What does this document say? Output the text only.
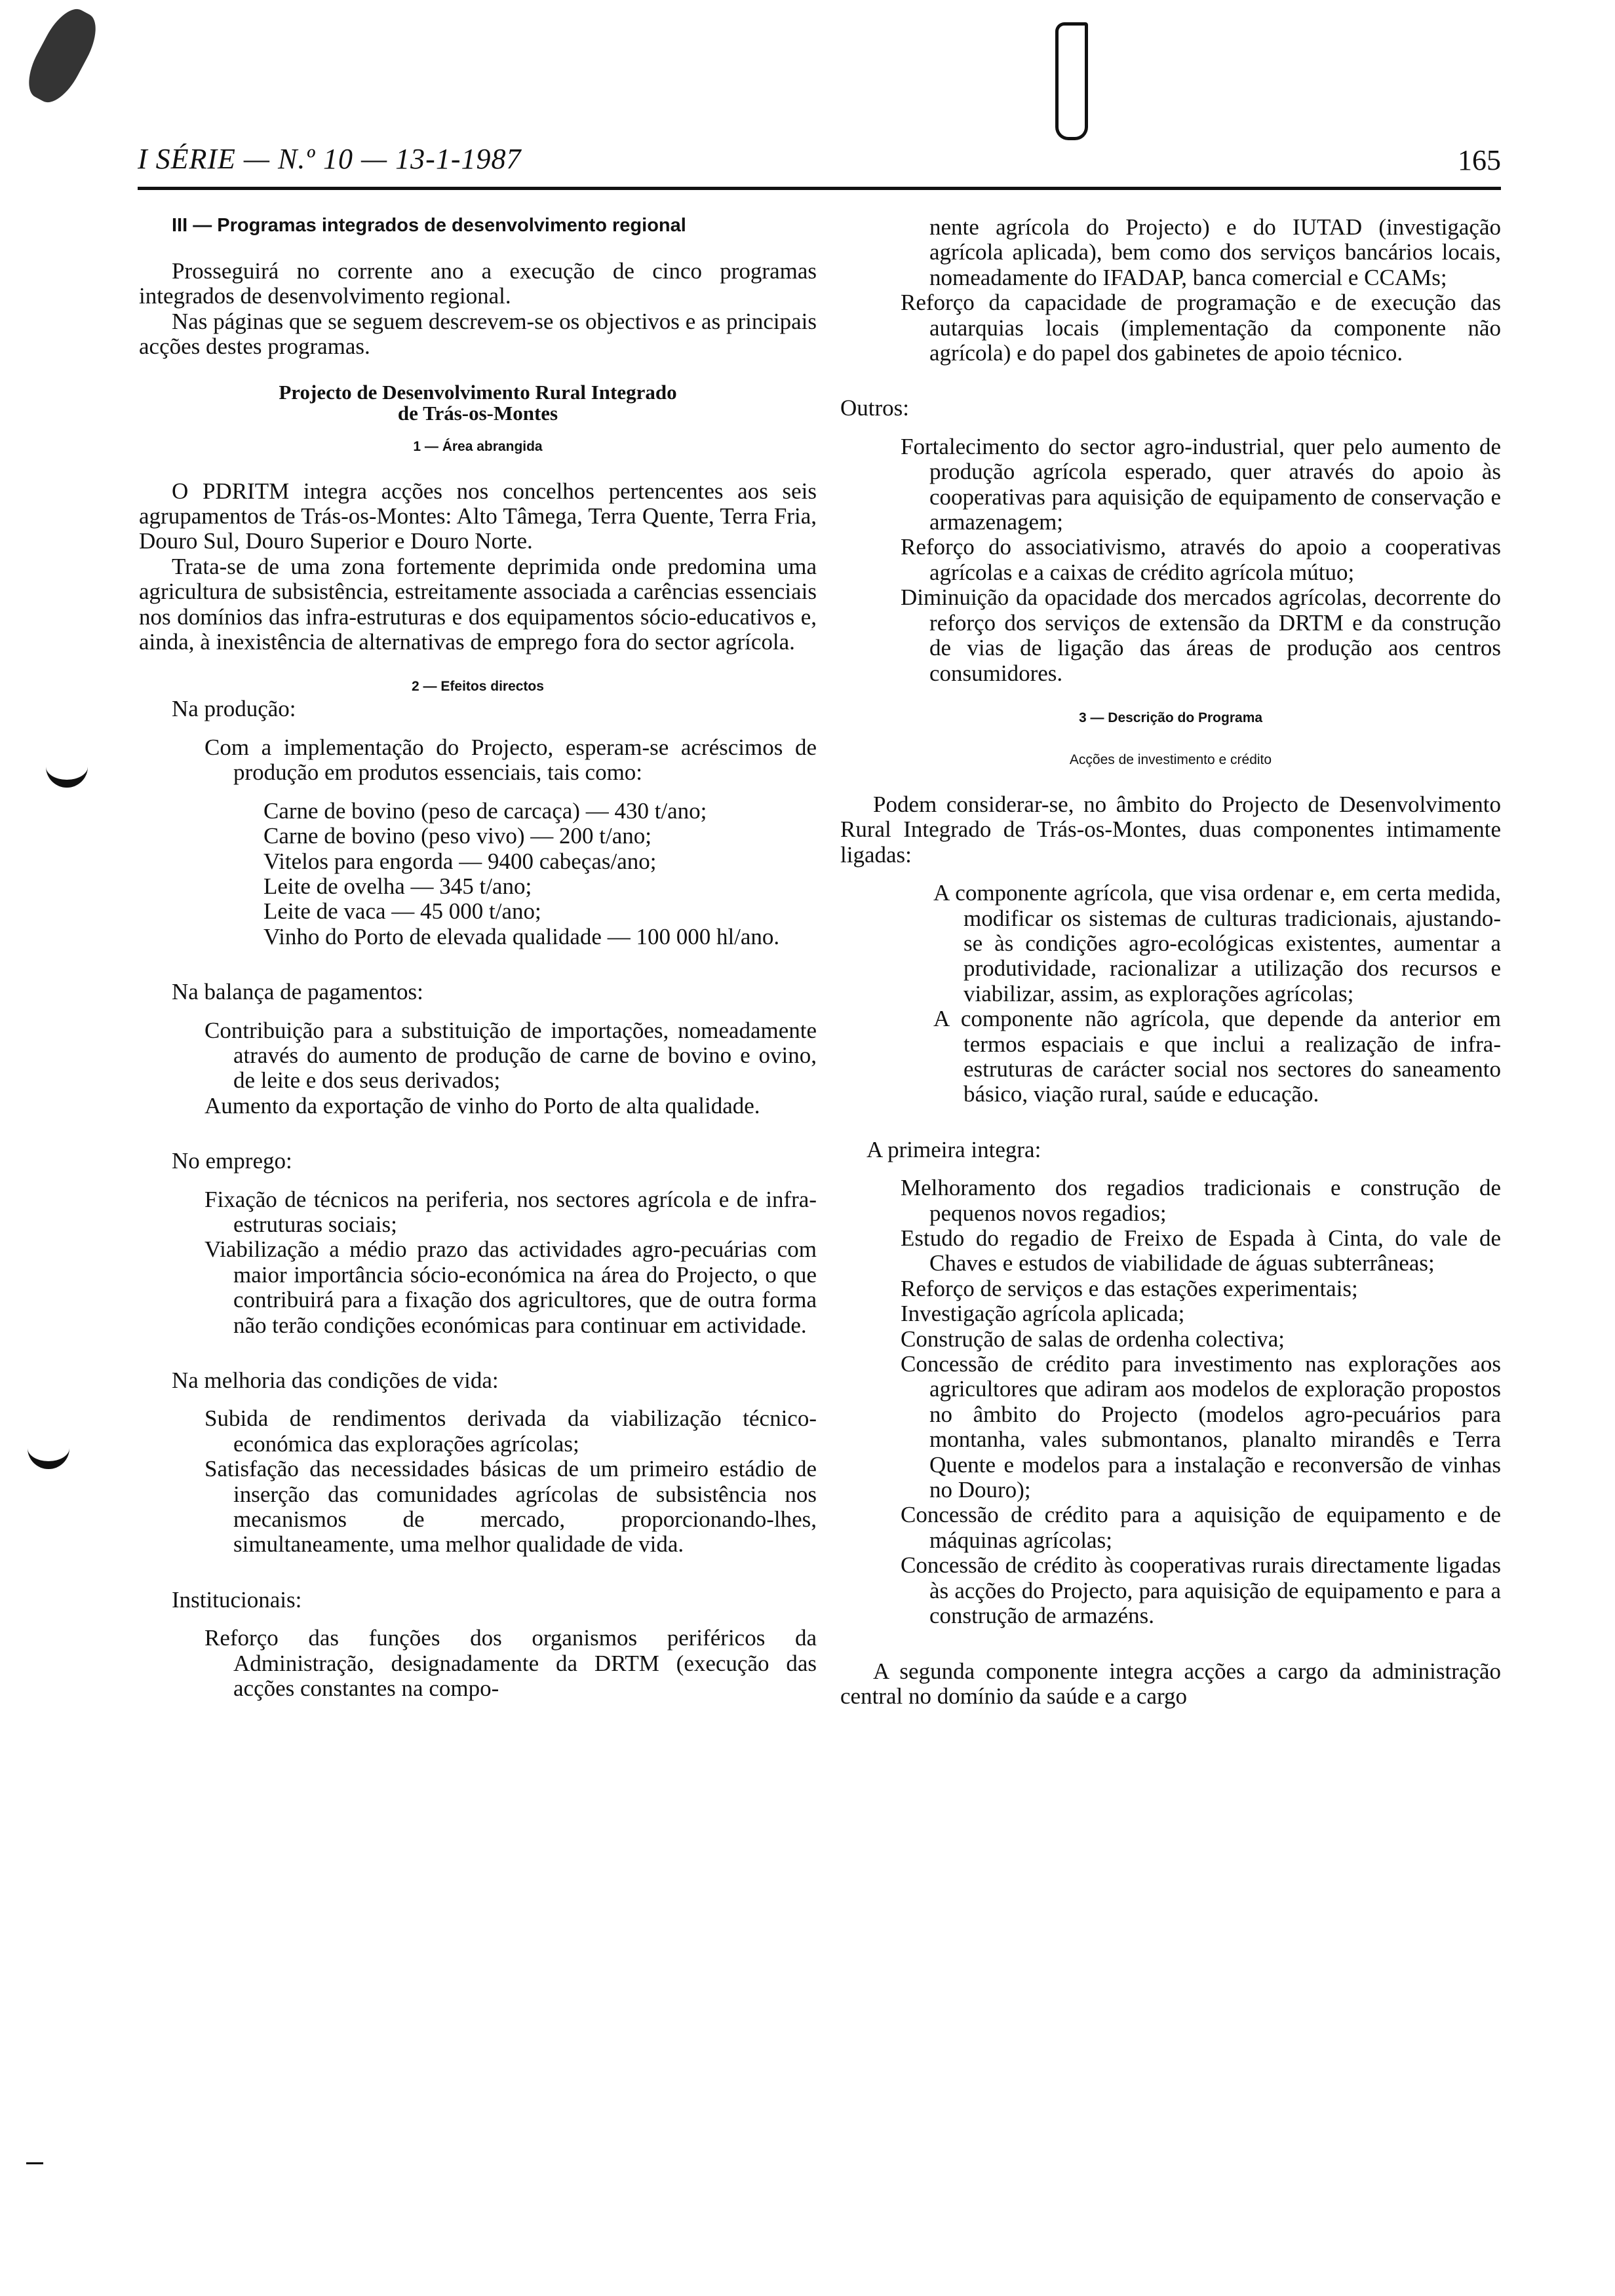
I SÉRIE — N.º 10 — 13-1-1987	165
III — Programas integrados de desenvolvimento regional

Prosseguirá no corrente ano a execução de cinco programas integrados de desenvolvimento regional.

Nas páginas que se seguem descrevem-se os objectivos e as principais acções destes programas.

Projecto de Desenvolvimento Rural Integrado de Trás-os-Montes
1 — Área abrangida

O PDRITM integra acções nos concelhos pertencentes aos seis agrupamentos de Trás-os-Montes: Alto Tâmega, Terra Quente, Terra Fria, Douro Sul, Douro Superior e Douro Norte.

Trata-se de uma zona fortemente deprimida onde predomina uma agricultura de subsistência, estreitamente associada a carências essenciais nos domínios das infra-estruturas e dos equipamentos sócio-educativos e, ainda, à inexistência de alternativas de emprego fora do sector agrícola.

2 — Efeitos directos

Na produção:

Com a implementação do Projecto, esperam-se acréscimos de produção em produtos essenciais, tais como:

Carne de bovino (peso de carcaça) — 430 t/ano;

Carne de bovino (peso vivo) — 200 t/ano;

Vitelos para engorda — 9400 cabeças/ano;

Leite de ovelha — 345 t/ano;

Leite de vaca — 45 000 t/ano;

Vinho do Porto de elevada qualidade — 100 000 hl/ano.

Na balança de pagamentos:

Contribuição para a substituição de importações, nomeadamente através do aumento de produção de carne de bovino e ovino, de leite e dos seus derivados;

Aumento da exportação de vinho do Porto de alta qualidade.

No emprego:

Fixação de técnicos na periferia, nos sectores agrícola e de infra-estruturas sociais;

Viabilização a médio prazo das actividades agro-pecuárias com maior importância sócio-económica na área do Projecto, o que contribuirá para a fixação dos agricultores, que de outra forma não terão condições económicas para continuar em actividade.

Na melhoria das condições de vida:

Subida de rendimentos derivada da viabilização técnico-económica das explorações agrícolas;

Satisfação das necessidades básicas de um primeiro estádio de inserção das comunidades agrícolas de subsistência nos mecanismos de mercado, proporcionando-lhes, simultaneamente, uma melhor qualidade de vida.

Institucionais:

Reforço das funções dos organismos periféricos da Administração, designadamente da DRTM (execução das acções constantes na compo-

nente agrícola do Projecto) e do IUTAD (investigação agrícola aplicada), bem como dos serviços bancários locais, nomeadamente do IFADAP, banca comercial e CCAMs;

Reforço da capacidade de programação e de execução das autarquias locais (implementação da componente não agrícola) e do papel dos gabinetes de apoio técnico.

Outros:

Fortalecimento do sector agro-industrial, quer pelo aumento de produção agrícola esperado, quer através do apoio às cooperativas para aquisição de equipamento de conservação e armazenagem;

Reforço do associativismo, através do apoio a cooperativas agrícolas e a caixas de crédito agrícola mútuo;

Diminuição da opacidade dos mercados agrícolas, decorrente do reforço dos serviços de extensão da DRTM e da construção de vias de ligação das áreas de produção aos centros consumidores.

3 — Descrição do Programa
Acções de investimento e crédito

Podem considerar-se, no âmbito do Projecto de Desenvolvimento Rural Integrado de Trás-os-Montes, duas componentes intimamente ligadas:

A componente agrícola, que visa ordenar e, em certa medida, modificar os sistemas de culturas tradicionais, ajustando-se às condições agro-ecológicas existentes, aumentar a produtividade, racionalizar a utilização dos recursos e viabilizar, assim, as explorações agrícolas;

A componente não agrícola, que depende da anterior em termos espaciais e que inclui a realização de infra-estruturas de carácter social nos sectores do saneamento básico, viação rural, saúde e educação.

A primeira integra:

Melhoramento dos regadios tradicionais e construção de pequenos novos regadios;

Estudo do regadio de Freixo de Espada à Cinta, do vale de Chaves e estudos de viabilidade de águas subterrâneas;

Reforço de serviços e das estações experimentais;

Investigação agrícola aplicada;

Construção de salas de ordenha colectiva;

Concessão de crédito para investimento nas explorações aos agricultores que adiram aos modelos de exploração propostos no âmbito do Projecto (modelos agro-pecuários para montanha, vales submontanos, planalto mirandês e Terra Quente e modelos para a instalação e reconversão de vinhas no Douro);

Concessão de crédito para a aquisição de equipamento e de máquinas agrícolas;

Concessão de crédito às cooperativas rurais directamente ligadas às acções do Projecto, para aquisição de equipamento e para a construção de armazéns.

A segunda componente integra acções a cargo da administração central no domínio da saúde e a cargo
